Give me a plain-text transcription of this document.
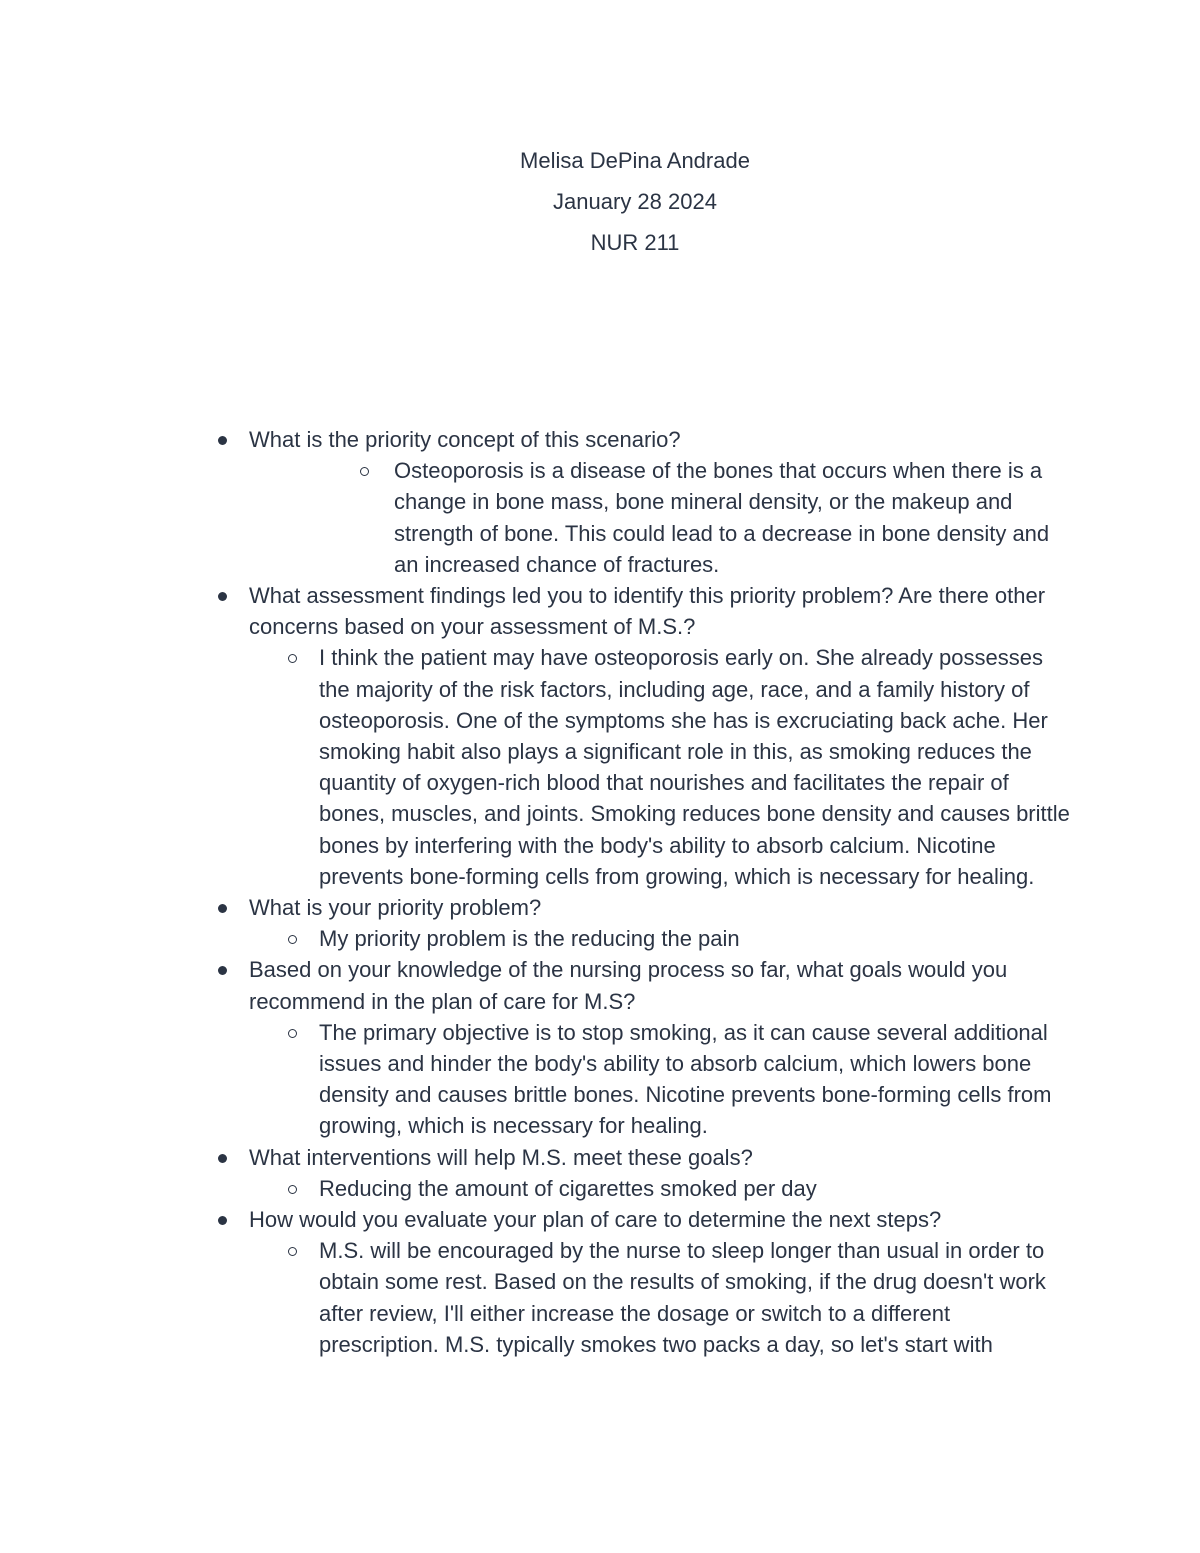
Melisa DePina Andrade
January 28 2024
NUR 211
What is the priority concept of this scenario?
Osteoporosis is a disease of the bones that occurs when there is a change in bone mass, bone mineral density, or the makeup and strength of bone. This could lead to a decrease in bone density and an increased chance of fractures.
What assessment findings led you to identify this priority problem? Are there other concerns based on your assessment of M.S.?
I think the patient may have osteoporosis early on. She already possesses the majority of the risk factors, including age, race, and a family history of osteoporosis. One of the symptoms she has is excruciating back ache. Her smoking habit also plays a significant role in this, as smoking reduces the quantity of oxygen-rich blood that nourishes and facilitates the repair of bones, muscles, and joints. Smoking reduces bone density and causes brittle bones by interfering with the body's ability to absorb calcium. Nicotine prevents bone-forming cells from growing, which is necessary for healing.
What is your priority problem?
My priority problem is the reducing the pain
Based on your knowledge of the nursing process so far, what goals would you recommend in the plan of care for M.S?
The primary objective is to stop smoking, as it can cause several additional issues and hinder the body's ability to absorb calcium, which lowers bone density and causes brittle bones. Nicotine prevents bone-forming cells from growing, which is necessary for healing.
What interventions will help M.S. meet these goals?
Reducing the amount of cigarettes smoked per day
How would you evaluate your plan of care to determine the next steps?
M.S. will be encouraged by the nurse to sleep longer than usual in order to obtain some rest. Based on the results of smoking, if the drug doesn't work after review, I'll either increase the dosage or switch to a different prescription. M.S. typically smokes two packs a day, so let's start with
